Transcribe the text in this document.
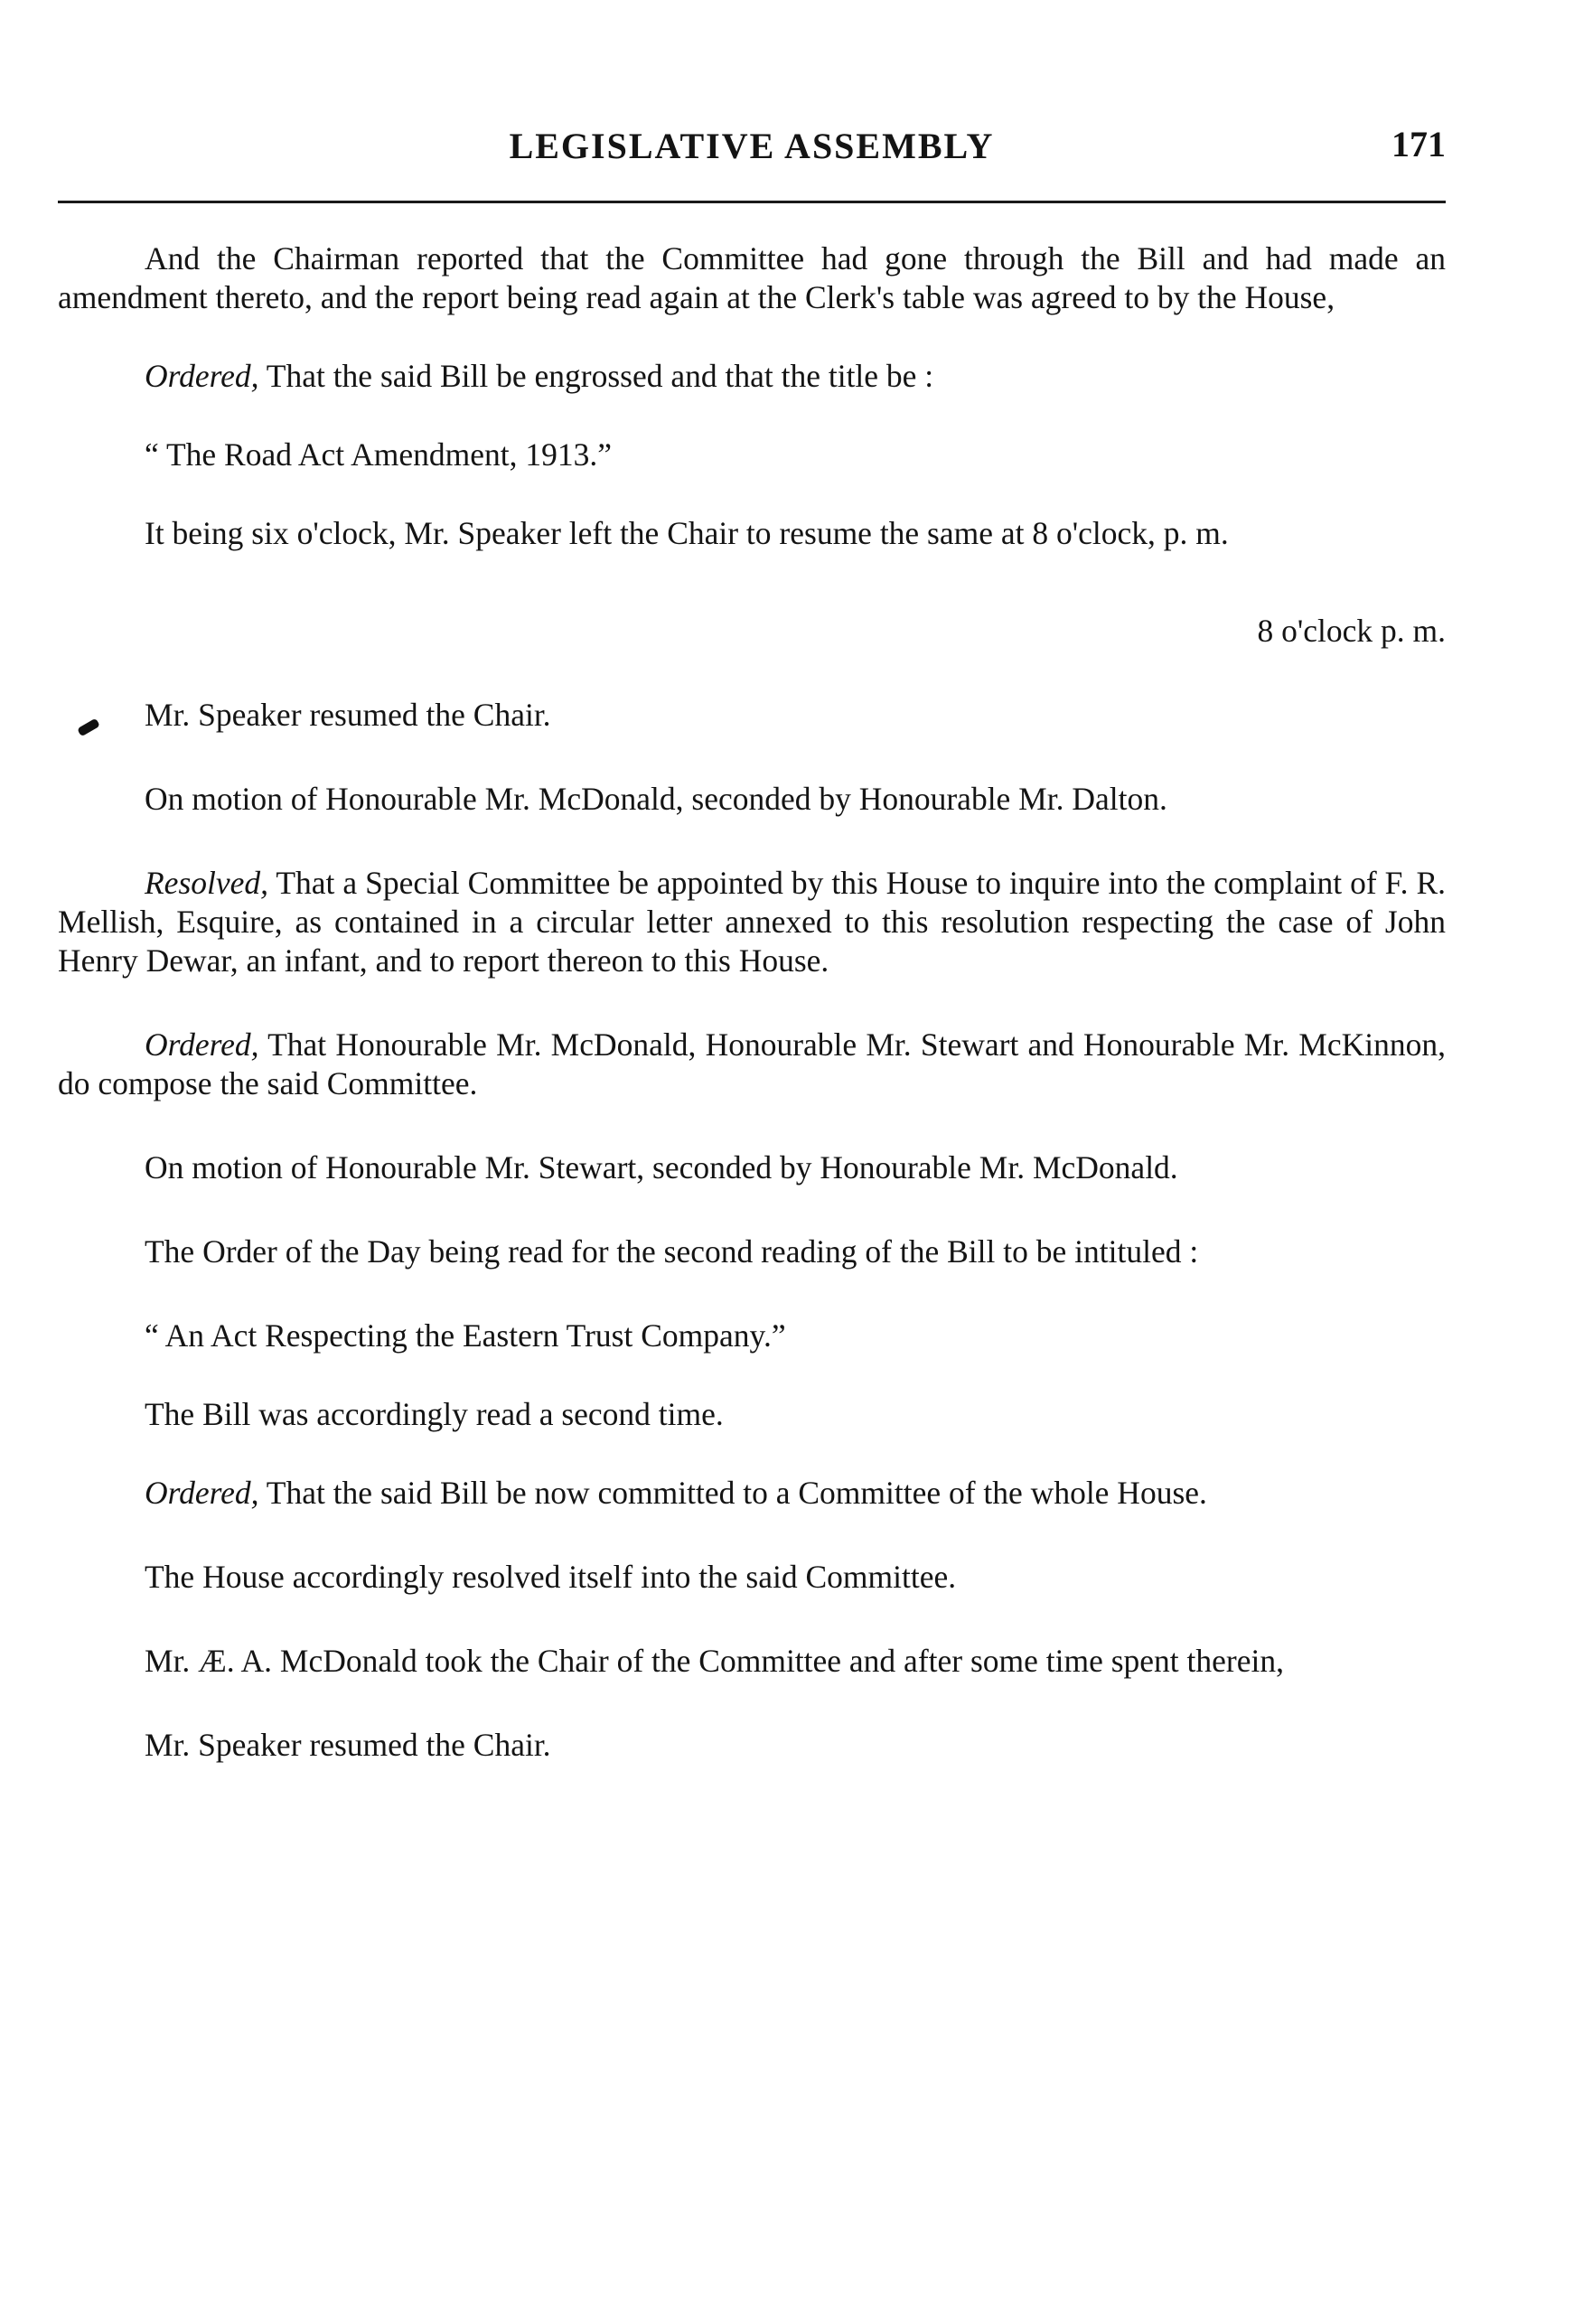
LEGISLATIVE ASSEMBLY	171

And the Chairman reported that the Committee had gone through the Bill and had made an amendment thereto, and the report being read again at the Clerk's table was agreed to by the House,

Ordered, That the said Bill be engrossed and that the title be :

“ The Road Act Amendment, 1913.”

It being six o'clock, Mr. Speaker left the Chair to resume the same at 8 o'clock, p. m.

8 o'clock p. m.

Mr. Speaker resumed the Chair.

On motion of Honourable Mr. McDonald, seconded by Honourable Mr. Dalton.

Resolved, That a Special Committee be appointed by this House to inquire into the complaint of F. R. Mellish, Esquire, as contained in a circular letter annexed to this resolution respecting the case of John Henry Dewar, an infant, and to report thereon to this House.

Ordered, That Honourable Mr. McDonald, Honourable Mr. Stewart and Honourable Mr. McKinnon, do compose the said Committee.

On motion of Honourable Mr. Stewart, seconded by Honourable Mr. McDonald.

The Order of the Day being read for the second reading of the Bill to be intituled :

“ An Act Respecting the Eastern Trust Company.”

The Bill was accordingly read a second time.

Ordered, That the said Bill be now committed to a Committee of the whole House.

The House accordingly resolved itself into the said Committee.

Mr. Æ. A. McDonald took the Chair of the Committee and after some time spent therein,

Mr. Speaker resumed the Chair.
